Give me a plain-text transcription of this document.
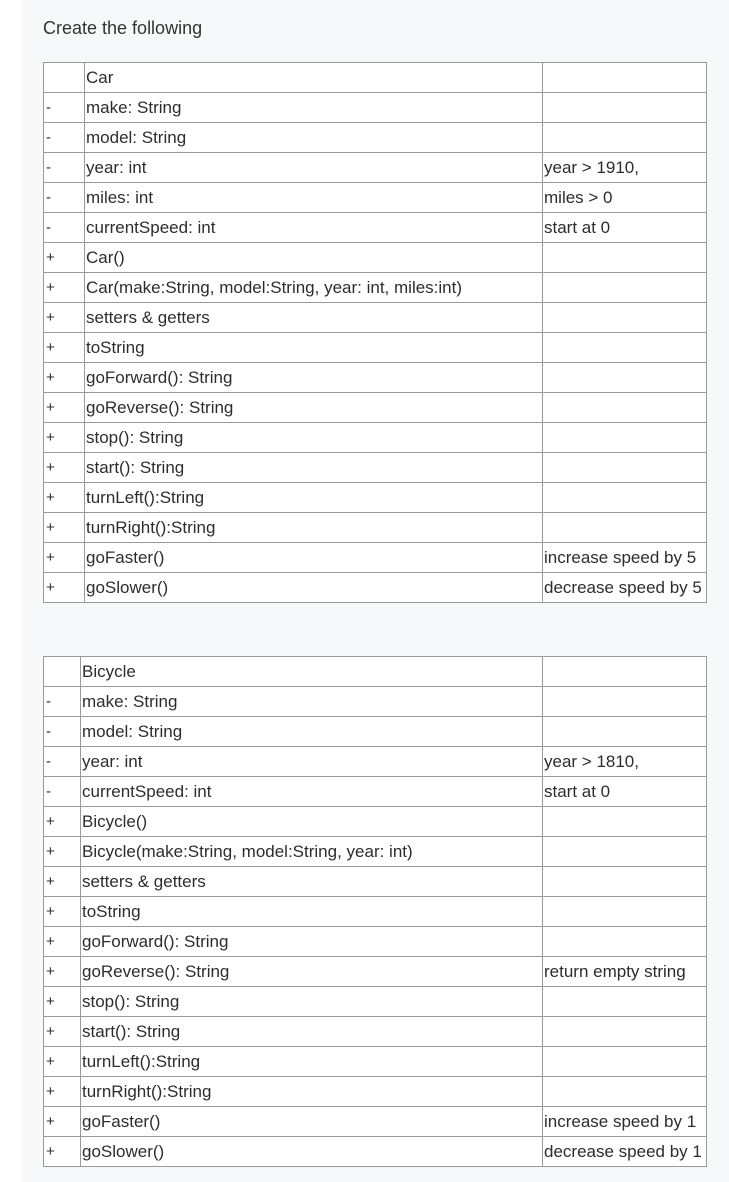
Create the following
	Car	
-	make: String	
-	model: String	
-	year: int	year > 1910,
-	miles: int	miles > 0
-	currentSpeed: int	start at 0
+	Car()	
+	Car(make:String, model:String, year: int, miles:int)	
+	setters & getters	
+	toString	
+	goForward(): String	
+	goReverse(): String	
+	stop(): String	
+	start(): String	
+	turnLeft():String	
+	turnRight():String	
+	goFaster()	increase speed by 5
+	goSlower()	decrease speed by 5
	Bicycle	
-	make: String	
-	model: String	
-	year: int	year > 1810,
-	currentSpeed: int	start at 0
+	Bicycle()	
+	Bicycle(make:String, model:String, year: int)	
+	setters & getters	
+	toString	
+	goForward(): String	
+	goReverse(): String	return empty string
+	stop(): String	
+	start(): String	
+	turnLeft():String	
+	turnRight():String	
+	goFaster()	increase speed by 1
+	goSlower()	decrease speed by 1
